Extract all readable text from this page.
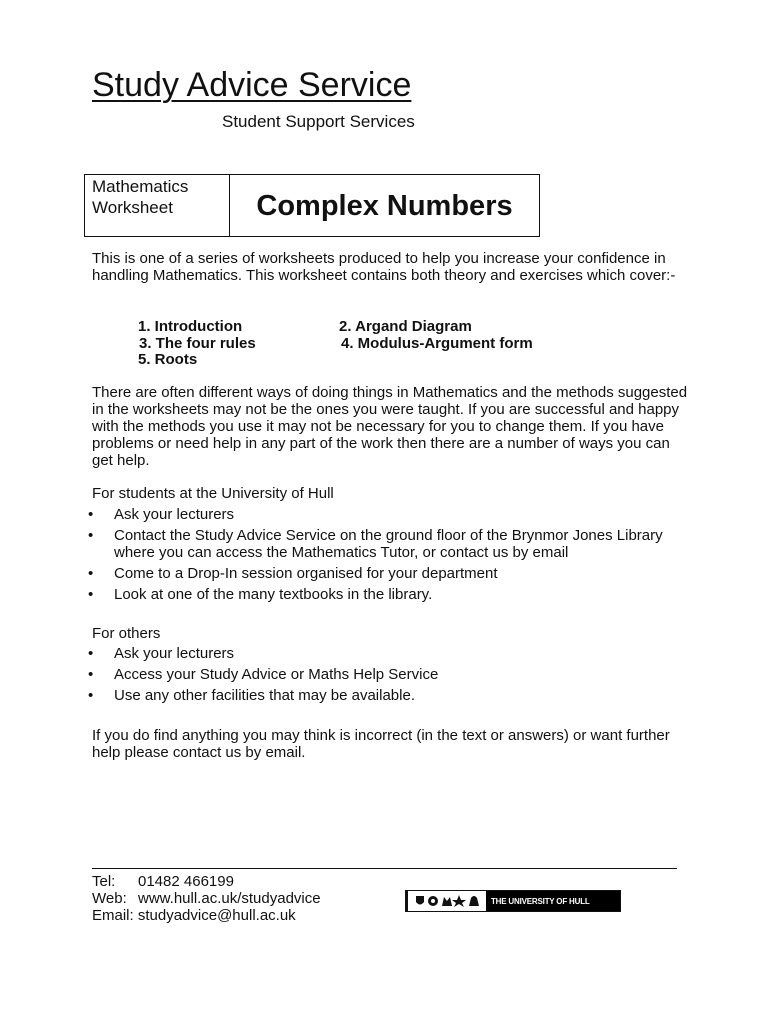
Study Advice Service
Student Support Services
Mathematics
Worksheet	Complex Numbers
This is one of a series of worksheets produced to help you increase your confidence in handling Mathematics. This worksheet contains both theory and exercises which cover:-
1. Introduction	2. Argand Diagram
3. The four rules	4. Modulus-Argument form
5. Roots
There are often different ways of doing things in Mathematics and the methods suggested in the worksheets may not be the ones you were taught. If you are successful and happy with the methods you use it may not be necessary for you to change them. If you have problems or need help in any part of the work then there are a number of ways you can get help.
For students at the University of Hull
• Ask your lecturers
• Contact the Study Advice Service on the ground floor of the Brynmor Jones Library where you can access the Mathematics Tutor, or contact us by email
• Come to a Drop-In session organised for your department
• Look at one of the many textbooks in the library.
For others
• Ask your lecturers
• Access your Study Advice or Maths Help Service
• Use any other facilities that may be available.
If you do find anything you may think is incorrect (in the text or answers) or want further help please contact us by email.
Tel: 01482 466199
Web: www.hull.ac.uk/studyadvice
Email: studyadvice@hull.ac.uk
THE UNIVERSITY OF HULL
